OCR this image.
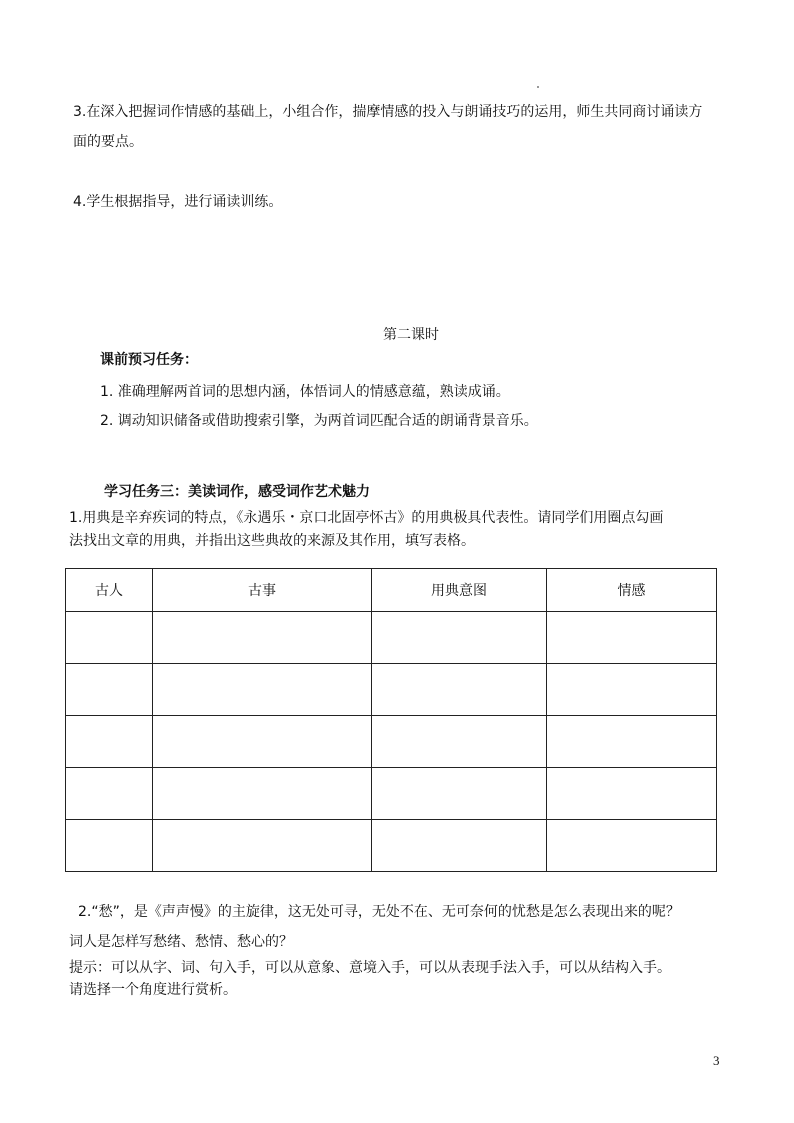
3.在深入把握词作情感的基础上，小组合作，揣摩情感的投入与朗诵技巧的运用，师生共同商讨诵读方

面的要点。

4.学生根据指导，进行诵读训练。

第二课时

课前预习任务：

1. 准确理解两首词的思想内涵，体悟词人的情感意蕴，熟读成诵。

2. 调动知识储备或借助搜索引擎，为两首词匹配合适的朗诵背景音乐。

学习任务三：美读词作，感受词作艺术魅力

1.用典是辛弃疾词的特点，《永遇乐・京口北固亭怀古》的用典极具代表性。请同学们用圈点勾画

法找出文章的用典，并指出这些典故的来源及其作用，填写表格。

古人	古事	用典意图	情感

2.“愁”，是《声声慢》的主旋律，这无处可寻，无处不在、无可奈何的忧愁是怎么表现出来的呢？

词人是怎样写愁绪、愁情、愁心的？

提示：可以从字、词、句入手，可以从意象、意境入手，可以从表现手法入手，可以从结构入手。

请选择一个角度进行赏析。

3
